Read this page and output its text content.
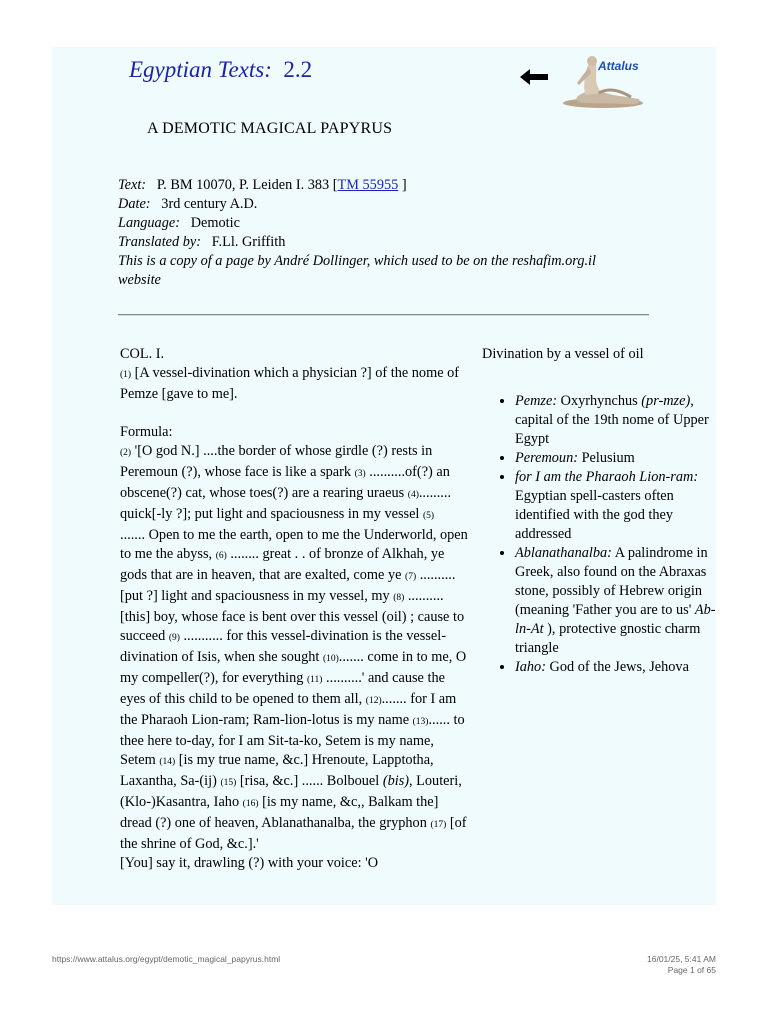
Egyptian Texts: 2.2	Attalus
A DEMOTIC MAGICAL PAPYRUS
Text: P. BM 10070, P. Leiden I. 383 [TM 55955 ]
Date: 3rd century A.D.
Language: Demotic
Translated by: F.Ll. Griffith
This is a copy of a page by André Dollinger, which used to be on the reshafim.org.il website

COL. I.

(1) [A vessel-divination which a physician ?] of the nome of Pemze [gave to me].

Formula:

(2) '[O god N.] ....the border of whose girdle (?) rests in Peremoun (?), whose face is like a spark (3) ..........of(?) an obscene(?) cat, whose toes(?) are a rearing uraeus (4)......... quick[-ly ?]; put light and spaciousness in my vessel (5)

....... Open to me the earth, open to me the Underworld, open to me the abyss, (6) ........ great . . of bronze of Alkhah, ye gods that are in heaven, that are exalted, come ye (7) .......... [put ?] light and spaciousness in my vessel, my (8) .......... [this] boy, whose face is bent over this vessel (oil) ; cause to succeed (9) ........... for this vessel-divination is the vessel-divination of Isis, when she sought (10)....... come in to me, O my compeller(?), for everything (11) ..........' and cause the eyes of this child to be opened to them all, (12)....... for I am the Pharaoh Lion-ram; Ram-lion-lotus is my name (13)...... to thee here to-day, for I am Sit-ta-ko, Setem is my name, Setem (14) [is my true name, &c.] Hrenoute, Lapptotha, Laxantha, Sa-(ij) (15) [risa, &c.] ...... Bolbouel (bis), Louteri, (Klo-)Kasantra, Iaho (16) [is my name, &c,, Balkam the] dread (?) one of heaven, Ablanathanalba, the gryphon (17) [of the shrine of God, &c.].'

[You] say it, drawling (?) with your voice: 'O

Divination by a vessel of oil

• Pemze: Oxyrhynchus (pr-mze), capital of the 19th nome of Upper Egypt
• Peremoun: Pelusium
• for I am the Pharaoh Lion-ram: Egyptian spell-casters often identified with the god they addressed
• Ablanathanalba: A palindrome in Greek, also found on the Abraxas stone, possibly of Hebrew origin (meaning 'Father you are to us' Ab-ln-At ), protective gnostic charm triangle
• Iaho: God of the Jews, Jehova
https://www.attalus.org/egypt/demotic_magical_papyrus.html	16/01/25, 5:41 AM
Page 1 of 65
